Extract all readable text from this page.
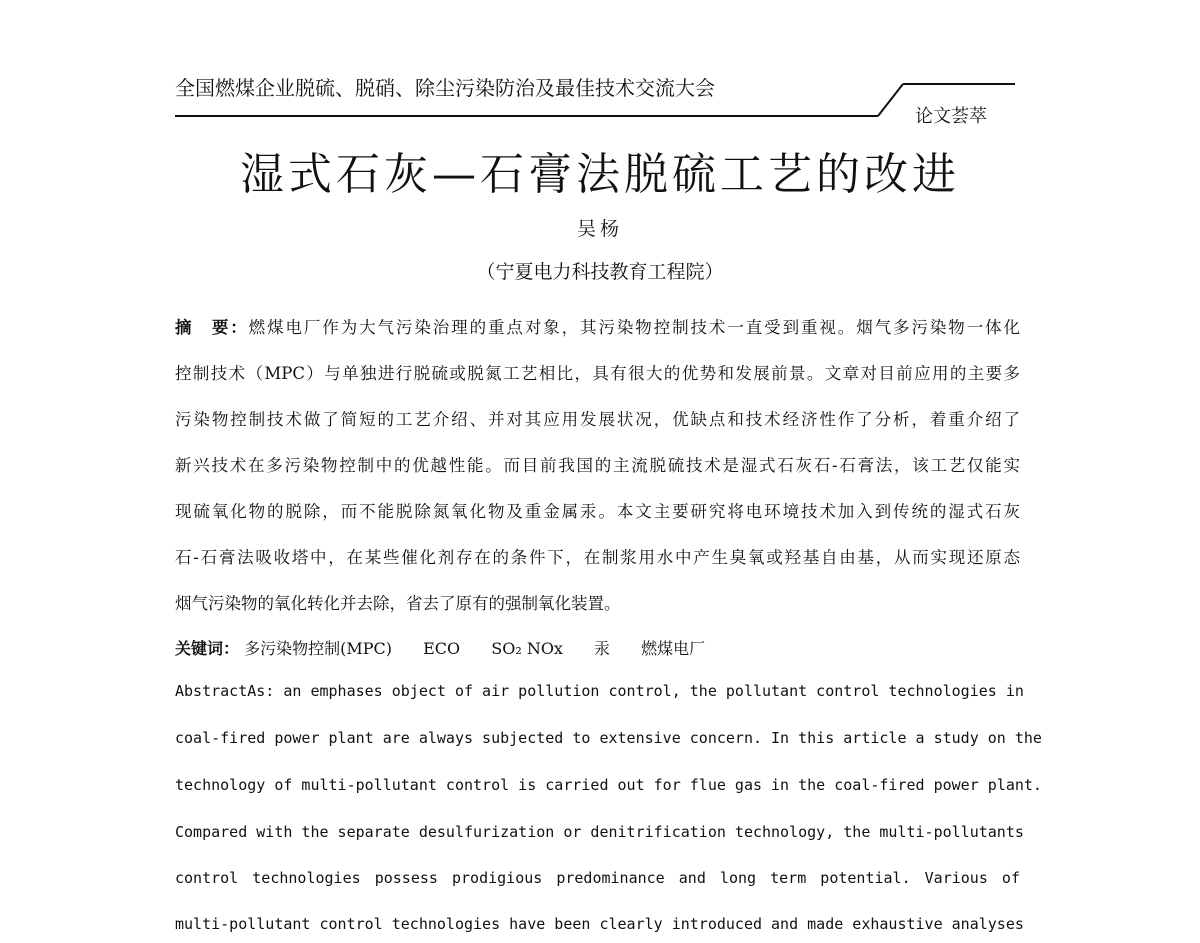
全国燃煤企业脱硫、脱硝、除尘污染防治及最佳技术交流大会
论文荟萃
湿式石灰—石膏法脱硫工艺的改进
吴杨
（宁夏电力科技教育工程院）
摘　要：燃煤电厂作为大气污染治理的重点对象，其污染物控制技术一直受到重视。烟气多污染物一体化
控制技术（MPC）与单独进行脱硫或脱氮工艺相比，具有很大的优势和发展前景。文章对目前应用的主要多
污染物控制技术做了简短的工艺介绍、并对其应用发展状况，优缺点和技术经济性作了分析，着重介绍了
新兴技术在多污染物控制中的优越性能。而目前我国的主流脱硫技术是湿式石灰石-石膏法，该工艺仅能实
现硫氧化物的脱除，而不能脱除氮氧化物及重金属汞。本文主要研究将电环境技术加入到传统的湿式石灰
石-石膏法吸收塔中，在某些催化剂存在的条件下，在制浆用水中产生臭氧或羟基自由基，从而实现还原态
烟气污染物的氧化转化并去除，省去了原有的强制氧化装置。
关键词： 多污染物控制(MPC) ECO SO₂ NOx 汞 燃煤电厂
AbstractAs: an emphases object of air pollution control, the pollutant control technologies in
coal-fired power plant are always subjected to extensive concern. In this article a study on the
technology of multi-pollutant control is carried out for flue gas in the coal-fired power plant.
Compared with the separate desulfurization or denitrification technology, the multi-pollutants
control technologies possess prodigious predominance and long term potential. Various of
multi-pollutant control technologies have been clearly introduced and made exhaustive analyses
